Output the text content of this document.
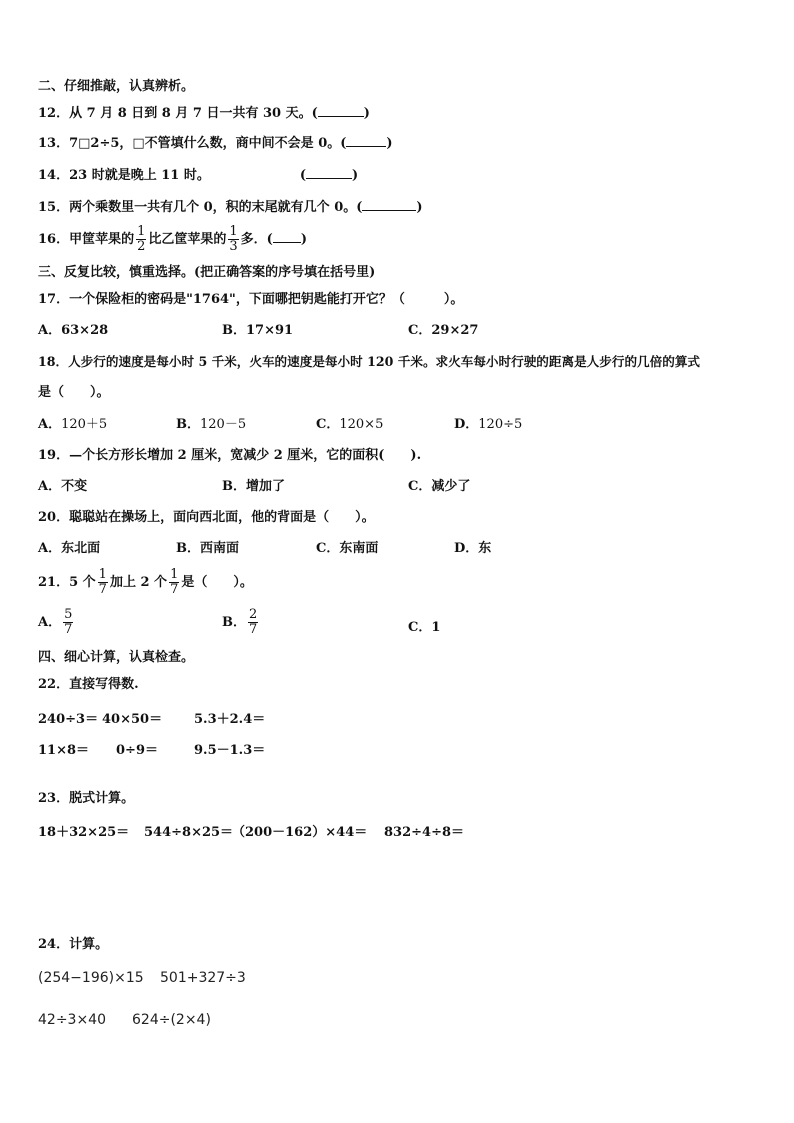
二、仔细推敲，认真辨析。
12．从 7 月 8 日到 8 月 7 日一共有 30 天。(	)
13．7□2÷5，□不管填什么数，商中间不会是 0。(	)
14．23 时就是晚上 11 时。	(	)
15．两个乘数里一共有几个 0，积的末尾就有几个 0。(	)
16．甲筐苹果的 $\frac{1}{2}$ 比乙筐苹果的 $\frac{1}{3}$ 多．( )
三、反复比较，慎重选择。(把正确答案的序号填在括号里)
17．一个保险柜的密码是"1764"，下面哪把钥匙能打开它？（　　　）。
A．63×28	B．17×91	C．29×27
18．人步行的速度是每小时 5 千米，火车的速度是每小时 120 千米。求火车每小时行驶的距离是人步行的几倍的算式
是（　　）。
A．120＋5	B．120－5	C．120×5	D．120÷5
19．—个长方形长增加 2 厘米，宽减少 2 厘米，它的面积(　　).
A．不变	B．增加了	C．减少了
20．聪聪站在操场上，面向西北面，他的背面是（　　）。
A．东北面	B．西南面	C．东南面	D．东
21．5 个 $\frac{1}{7}$ 加上 2 个 $\frac{1}{7}$ 是（　　）。
A． $\frac{5}{7}$	B． $\frac{2}{7}$	C．1
四、细心计算，认真检查。
22．直接写得数.
240÷3＝ 40×50＝ 5.3＋2.4＝
11×8＝ 0÷9＝	9.5－1.3＝
23．脱式计算。
18＋32×25＝ 544÷8×25＝
（200－162）×44＝ 832÷4÷8＝
24．计算。
(254−196)×15 501+327÷3
42÷3×40 624÷(2×4)
